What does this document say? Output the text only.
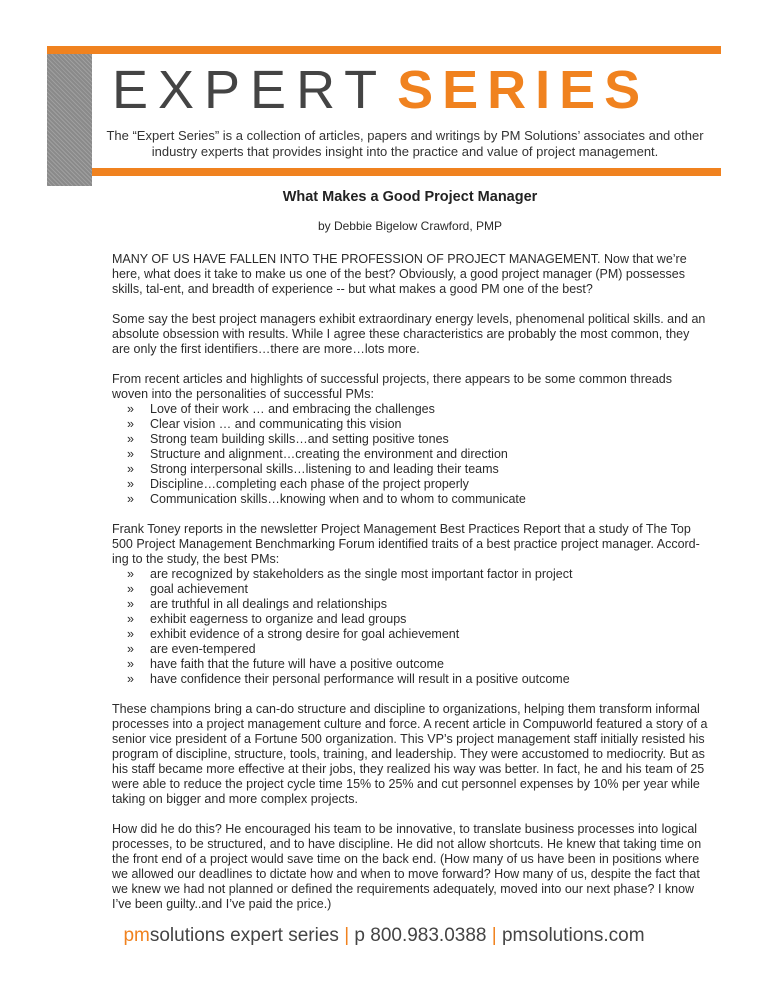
EXPERT SERIES

The “Expert Series” is a collection of articles, papers and writings by PM Solutions’ associates and other industry experts that provides insight into the practice and value of project management.

What Makes a Good Project Manager
by Debbie Bigelow Crawford, PMP

MANY OF US HAVE FALLEN INTO THE PROFESSION OF PROJECT MANAGEMENT. Now that we’re here, what does it take to make us one of the best? Obviously, a good project manager (PM) possesses skills, tal-ent, and breadth of experience -- but what makes a good PM one of the best?

Some say the best project managers exhibit extraordinary energy levels, phenomenal political skills. and an absolute obsession with results. While I agree these characteristics are probably the most common, they are only the first identifiers…there are more…lots more.

From recent articles and highlights of successful projects, there appears to be some common threads woven into the personalities of successful PMs:

» Love of their work … and embracing the challenges
» Clear vision … and communicating this vision
» Strong team building skills…and setting positive tones
» Structure and alignment…creating the environment and direction
» Strong interpersonal skills…listening to and leading their teams
» Discipline…completing each phase of the project properly
» Communication skills…knowing when and to whom to communicate

Frank Toney reports in the newsletter Project Management Best Practices Report that a study of The Top 500 Project Management Benchmarking Forum identified traits of a best practice project manager. Accord-ing to the study, the best PMs:

» are recognized by stakeholders as the single most important factor in project
» goal achievement
» are truthful in all dealings and relationships
» exhibit eagerness to organize and lead groups
» exhibit evidence of a strong desire for goal achievement
» are even-tempered
» have faith that the future will have a positive outcome
» have confidence their personal performance will result in a positive outcome

These champions bring a can-do structure and discipline to organizations, helping them transform informal processes into a project management culture and force. A recent article in Compuworld featured a story of a senior vice president of a Fortune 500 organization. This VP’s project management staff initially resisted his program of discipline, structure, tools, training, and leadership. They were accustomed to mediocrity. But as his staff became more effective at their jobs, they realized his way was better. In fact, he and his team of 25 were able to reduce the project cycle time 15% to 25% and cut personnel expenses by 10% per year while taking on bigger and more complex projects.

How did he do this? He encouraged his team to be innovative, to translate business processes into logical processes, to be structured, and to have discipline. He did not allow shortcuts. He knew that taking time on the front end of a project would save time on the back end. (How many of us have been in positions where we allowed our deadlines to dictate how and when to move forward? How many of us, despite the fact that we knew we had not planned or defined the requirements adequately, moved into our next phase? I know I’ve been guilty..and I’ve paid the price.)

pmsolutions expert series | p 800.983.0388 | pmsolutions.com
